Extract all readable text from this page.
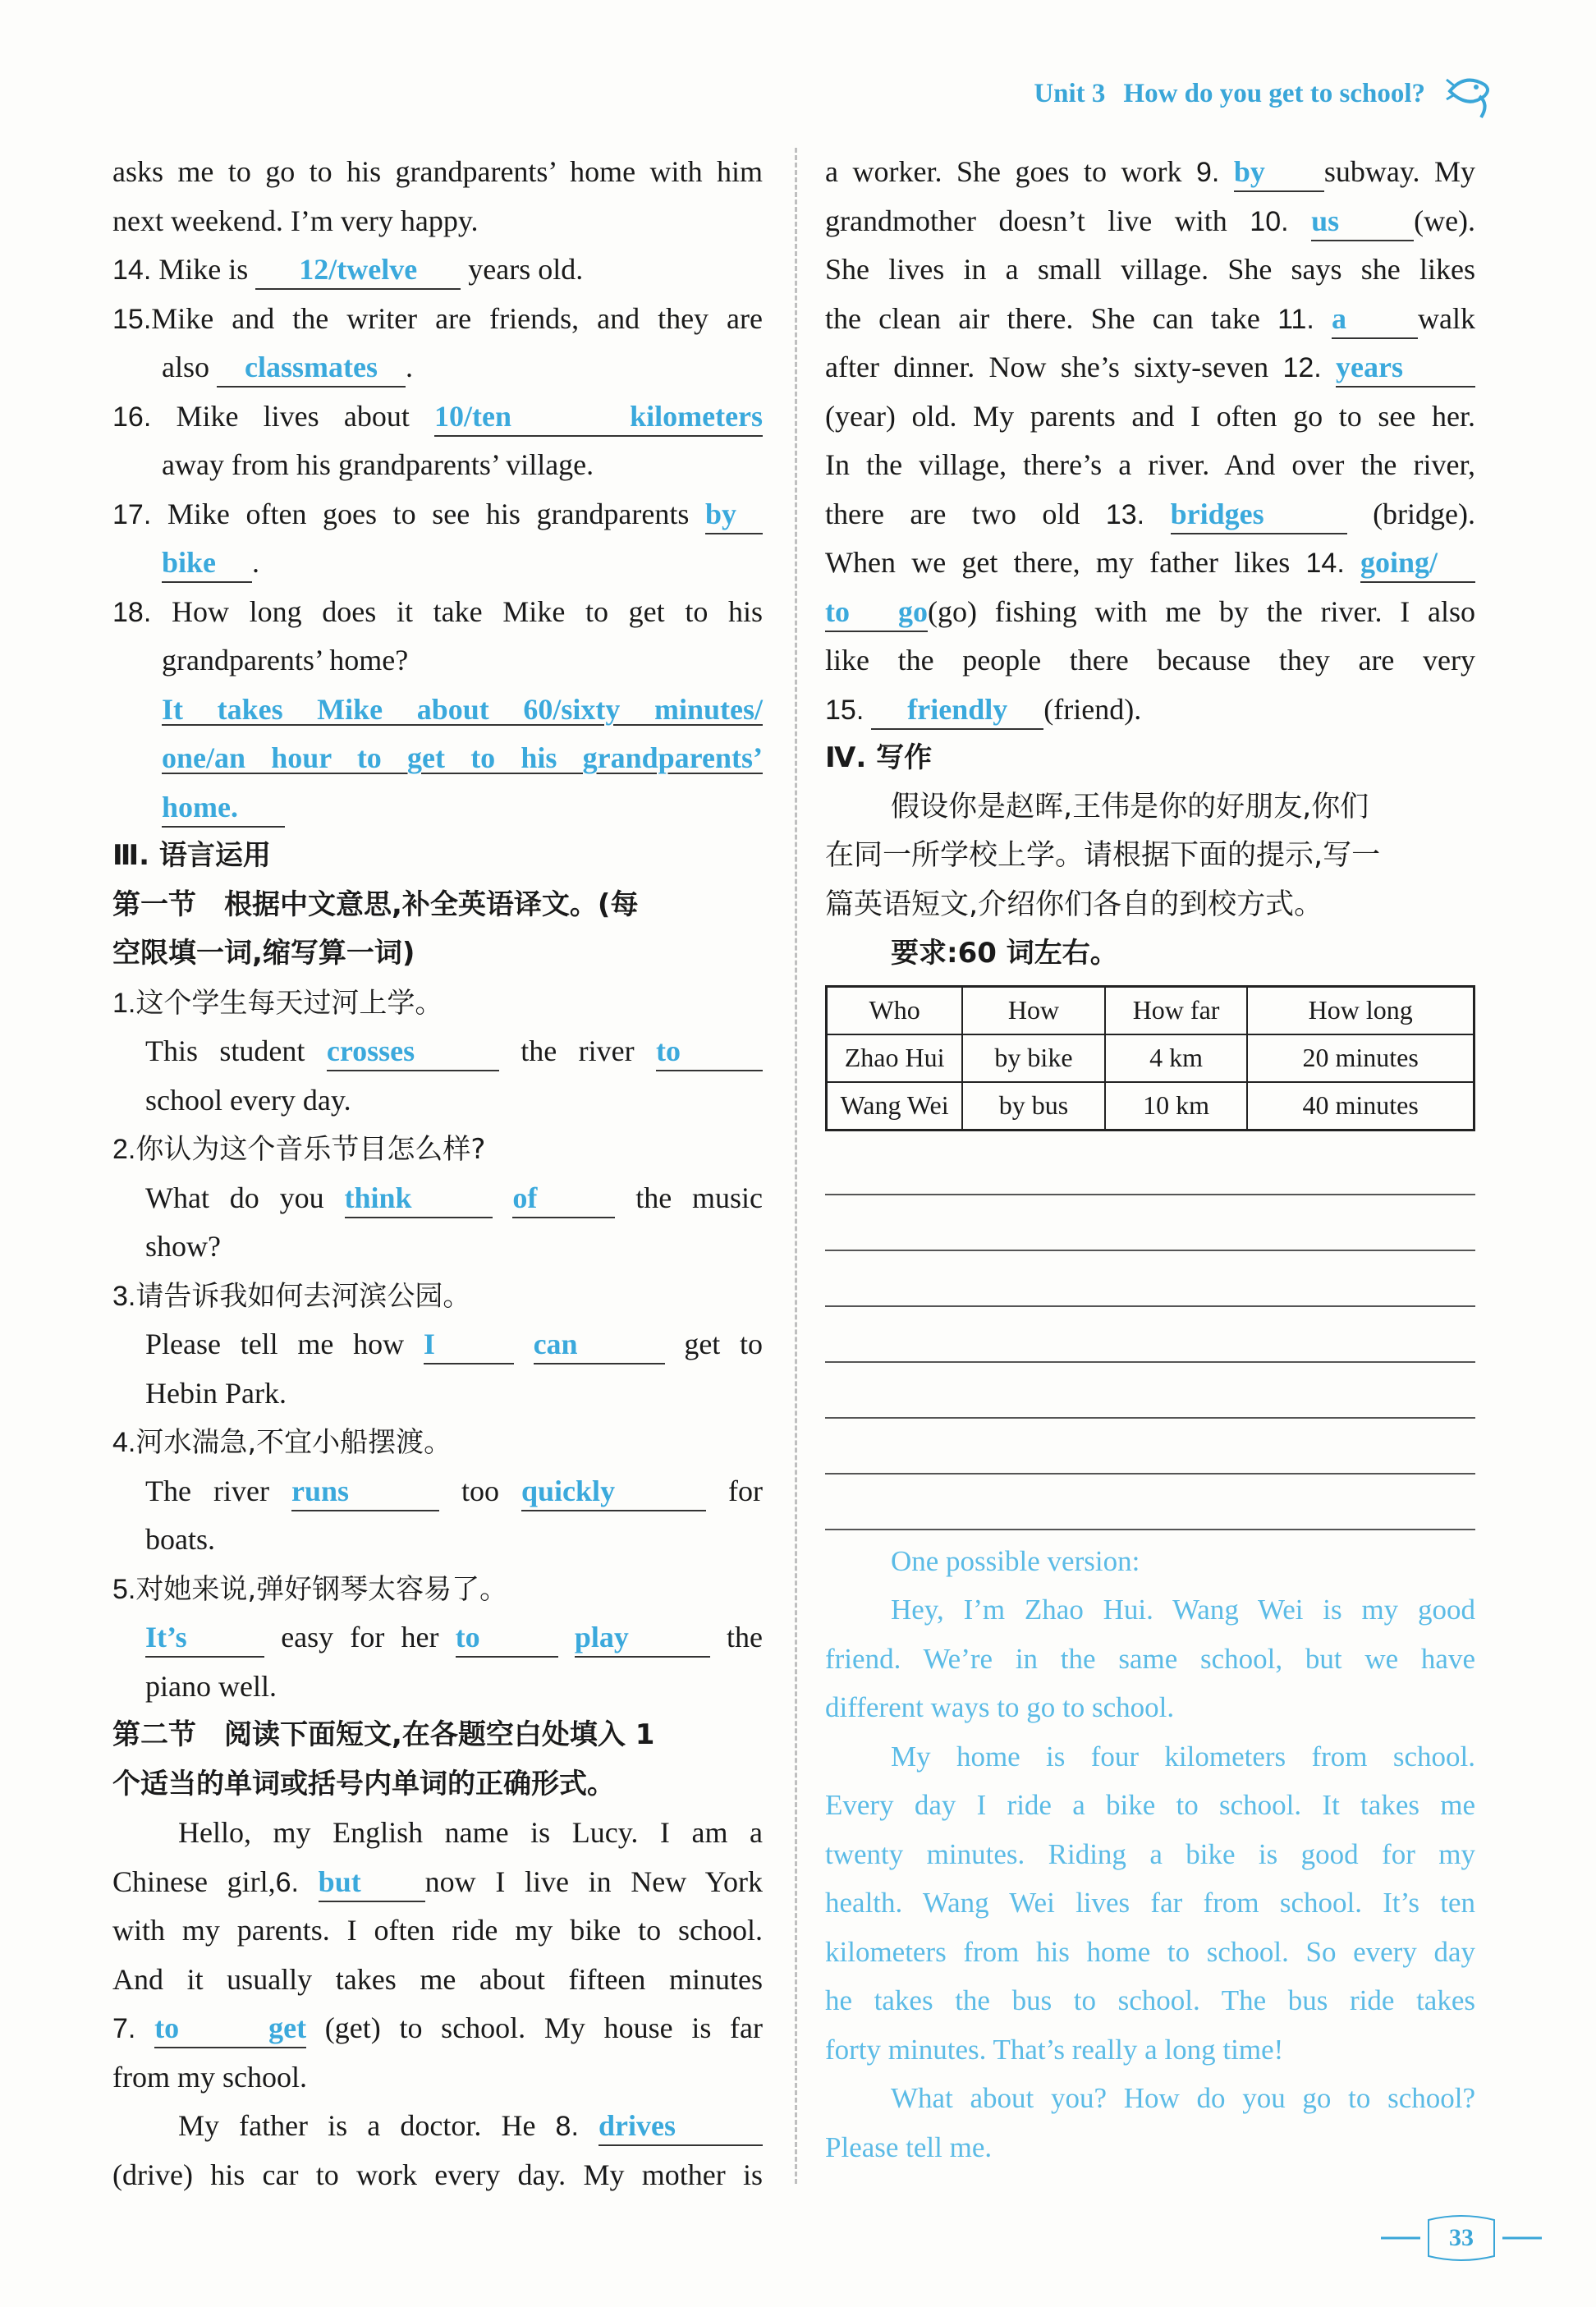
Unit 3 How do you get to school?
asks me to go to his grandparents’ home with him
next weekend. I’m very happy.
14. Mike is 12/twelve years old.
15.Mike and the writer are friends, and they are
also classmates .
16. Mike lives about 10/ten kilometers
away from his grandparents’ village.
17. Mike often goes to see his grandparents by
bike .
18. How long does it take Mike to get to his
grandparents’ home?
It takes Mike about 60/sixty minutes/
one/an hour to get to his grandparents’
home.
Ⅲ. 语言运用
第一节　根据中文意思,补全英语译文。(每
空限填一词,缩写算一词)
1.这个学生每天过河上学。
This student crosses	the river to
school every day.
2.你认为这个音乐节目怎么样?
What do you think	of	the music
show?
3.请告诉我如何去河滨公园。
Please tell me how I	can	get to
Hebin Park.
4.河水湍急,不宜小船摆渡。
The river runs	too quickly	for
boats.
5.对她来说,弹好钢琴太容易了。
It’s	easy for her to	play	the
piano well.
第二节　阅读下面短文,在各题空白处填入 1
个适当的单词或括号内单词的正确形式。
Hello, my English name is Lucy. I am a
Chinese girl,6. but now I live in New York
with my parents. I often ride my bike to school.
And it usually takes me about fifteen minutes
7. to get (get) to school. My house is far
from my school.
My father is a doctor. He 8. drives
(drive) his car to work every day. My mother is
a worker. She goes to work 9. by subway. My
grandmother doesn’t live with 10. us	(we).
She lives in a small village. She says she likes
the clean air there. She can take 11. a walk
after dinner. Now she’s sixty-seven 12. years
(year) old. My parents and I often go to see her.
In the village, there’s a river. And over the river,
there are two old 13. bridges	(bridge).
When we get there, my father likes 14. going/
to go(go) fishing with me by the river. I also
like the people there because they are very
15. friendly (friend).
Ⅳ. 写作
假设你是赵晖,王伟是你的好朋友,你们
在同一所学校上学。请根据下面的提示,写一
篇英语短文,介绍你们各自的到校方式。
要求:60 词左右。
Who	How	How far	How long
Zhao Hui	by bike	4 km	20 minutes
Wang Wei	by bus	10 km	40 minutes
One possible version:
Hey, I’m Zhao Hui. Wang Wei is my good
friend. We’re in the same school, but we have
different ways to go to school.
My home is four kilometers from school.
Every day I ride a bike to school. It takes me
twenty minutes. Riding a bike is good for my
health. Wang Wei lives far from school. It’s ten
kilometers from his home to school. So every day
he takes the bus to school. The bus ride takes
forty minutes. That’s really a long time!
What about you? How do you go to school?
Please tell me.
33
